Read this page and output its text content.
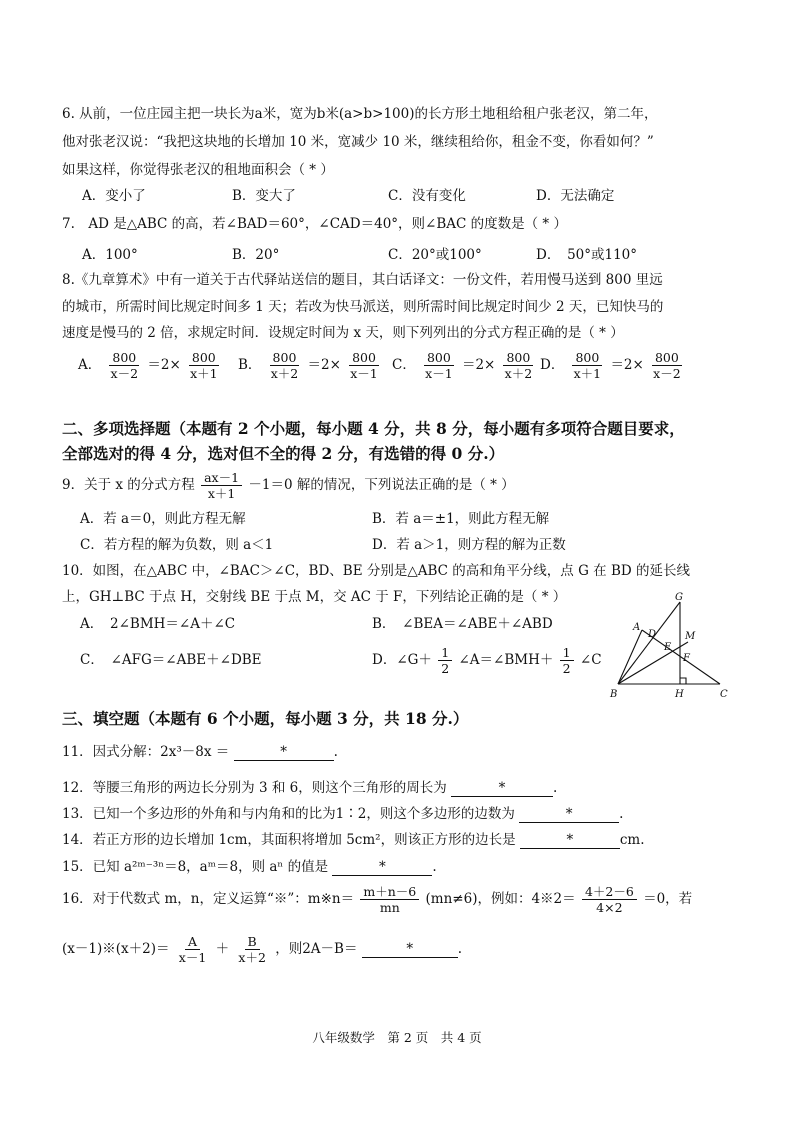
6. 从前，一位庄园主把一块长为a米，宽为b米(a>b>100)的长方形土地租给租户张老汉，第二年，
他对张老汉说：“我把这块地的长增加 10 米，宽减少 10 米，继续租给你，租金不变，你看如何？”
如果这样，你觉得张老汉的租地面积会（ * ）
A．变小了	B．变大了	C．没有变化	D．无法确定
7.　AD 是△ABC 的高，若∠BAD＝60°，∠CAD＝40°，则∠BAC 的度数是（ * ）
A．100°	B．20°	C．20°或100°	D．　50°或110°
8.《九章算术》中有一道关于古代驿站送信的题目，其白话译文：一份文件，若用慢马送到 800 里远
的城市，所需时间比规定时间多 1 天；若改为快马派送，则所需时间比规定时间少 2 天，已知快马的
速度是慢马的 2 倍，求规定时间．设规定时间为 x 天，则下列列出的分式方程正确的是（ * ）
A． $\frac{800}{x-2} =2\times \frac{800}{x+1}$ B． $\frac{800}{x+2} =2\times \frac{800}{x-1}$ C． $\frac{800}{x-1} =2\times \frac{800}{x+2}$ D． $\frac{800}{x+1} =2\times \frac{800}{x-2}$
二、多项选择题（本题有 2 个小题，每小题 4 分，共 8 分，每小题有多项符合题目要求，
全部选对的得 4 分，选对但不全的得 2 分，有选错的得 0 分.）
9．关于 x 的分式方程 $\frac{ax-1}{x+1} -1=0$ 解的情况，下列说法正确的是（ * ）
A．若 a＝0，则此方程无解	B．若 a＝±1，则此方程无解
C．若方程的解为负数，则 a＜1	D．若 a＞1，则方程的解为正数
10．如图，在△ABC 中，∠BAC＞∠C，BD、BE 分别是△ABC 的高和角平分线，点 G 在 BD 的延长线
上，GH⊥BC 于点 H，交射线 BE 于点 M，交 AC 于 F，下列结论正确的是（ * ）
A．　2∠BMH＝∠A＋∠C	B．　∠BEA＝∠ABE＋∠ABD
C．　∠AFG＝∠ABE＋∠DBE	D．∠G＋ $\frac{1}{2}$ ∠A＝∠BMH＋ $\frac{1}{2}$ ∠C
G
A
D	M
E
F
B	H	C
三、填空题（本题有 6 个小题，每小题 3 分，共 18 分.）
11．因式分解：2x³－8x ＝	*	.
12．等腰三角形的两边长分别为 3 和 6，则这个三角形的周长为	*	.
13．已知一个多边形的外角和与内角和的比为1∶2，则这个多边形的边数为	*	.
14．若正方形的边长增加 1cm，其面积将增加 5cm²，则该正方形的边长是	*	cm.
15．已知 a²ᵐ⁻³ⁿ＝8，aᵐ＝8，则 aⁿ 的值是	*	.
16．对于代数式 m，n，定义运算“※”：m※n＝ $\frac{m+n-6}{mn} (mn\ne 6)$，例如：4※2＝ $\frac{4+2-6}{4\times 2} =0$，若
(x－1)※(x＋2)＝ $\frac{A}{x-1} + \frac{B}{x+2}$ ，则2A－B＝	*	.
八年级数学　第 2 页　共 4 页
